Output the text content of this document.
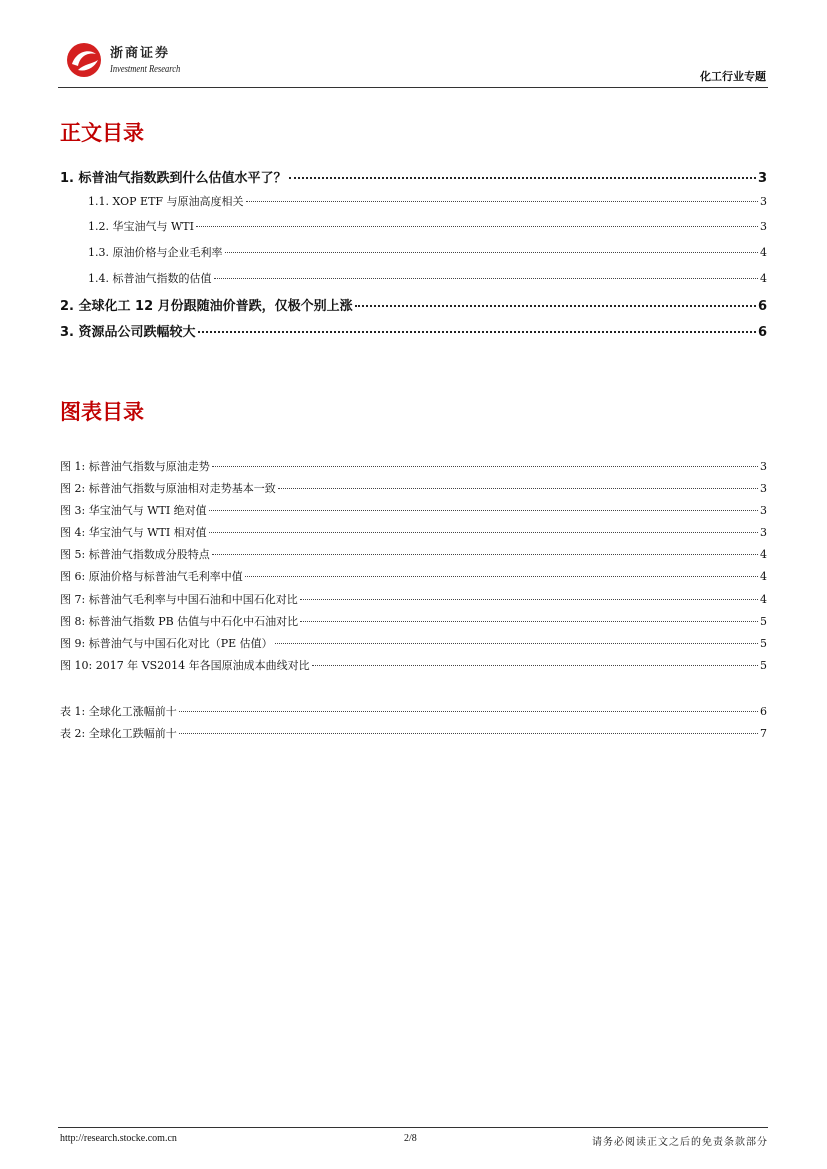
浙商证券
Investment Research
化工行业专题
正文目录
1. 标普油气指数跌到什么估值水平了？	3
1.1. XOP ETF 与原油高度相关	3
1.2. 华宝油气与 WTI	3
1.3. 原油价格与企业毛利率	4
1.4. 标普油气指数的估值	4
2. 全球化工 12 月份跟随油价普跌，仅极个别上涨	6
3. 资源品公司跌幅较大	6
图表目录
图 1: 标普油气指数与原油走势	3
图 2: 标普油气指数与原油相对走势基本一致	3
图 3: 华宝油气与 WTI 绝对值	3
图 4: 华宝油气与 WTI 相对值	3
图 5: 标普油气指数成分股特点	4
图 6: 原油价格与标普油气毛利率中值	4
图 7: 标普油气毛利率与中国石油和中国石化对比	4
图 8: 标普油气指数 PB 估值与中石化中石油对比	5
图 9: 标普油气与中国石化对比（PE 估值）	5
图 10: 2017 年 VS2014 年各国原油成本曲线对比	5
表 1: 全球化工涨幅前十	6
表 2: 全球化工跌幅前十	7
http://research.stocke.com.cn	2/8	请务必阅读正文之后的免责条款部分
